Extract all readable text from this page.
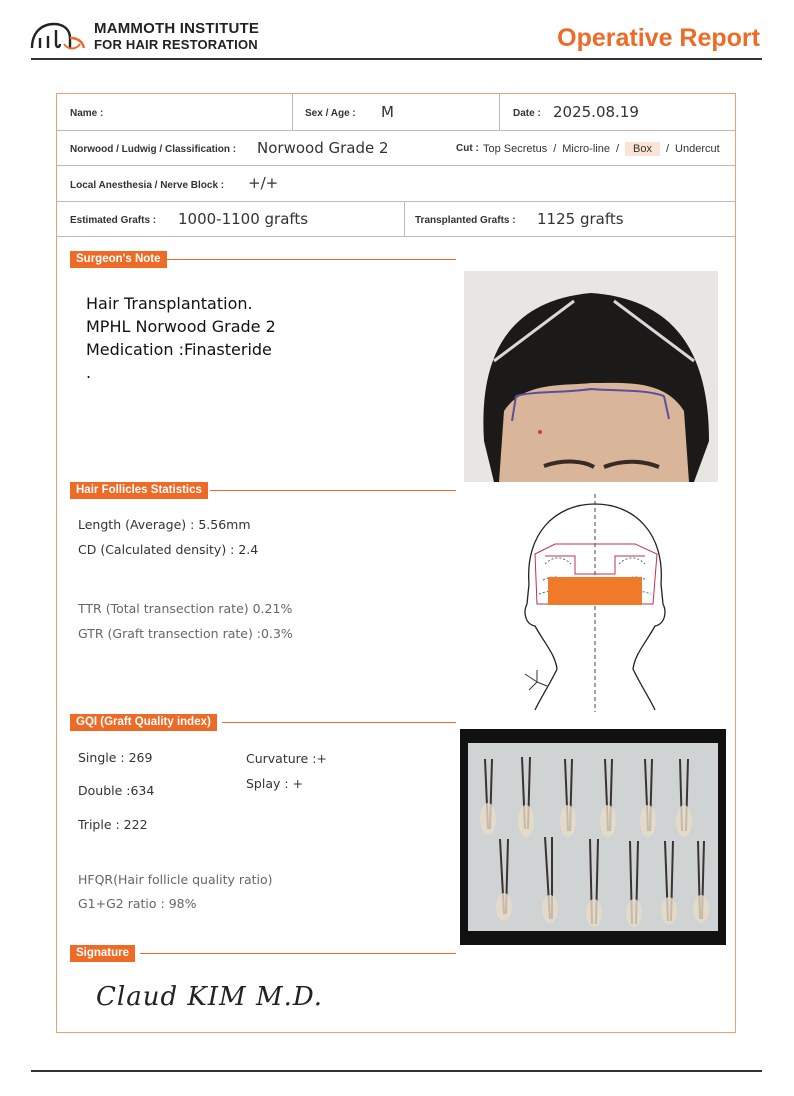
MAMMOTH INSTITUTE
FOR HAIR RESTORATION	Operative Report
Name :	Sex / Age : M	Date : 2025.08.19
Norwood / Ludwig / Classification : Norwood Grade 2	Cut : Top Secretus / Micro-line / Box / Undercut
Local Anesthesia / Nerve Block : +/+
Estimated Grafts : 1000-1100 grafts	Transplanted Grafts : 1125 grafts
Surgeon's Note
Hair Transplantation.
MPHL Norwood Grade 2
Medication :Finasteride
.
Hair Follicles Statistics
Length (Average) : 5.56mm
CD (Calculated density) : 2.4
TTR (Total transection rate) 0.21%
GTR (Graft transection rate) :0.3%
GQI (Graft Quality index)
Single : 269
Double :634
Triple : 222
Curvature :+
Splay : +
HFQR(Hair follicle quality ratio)
G1+G2 ratio : 98%
Signature
Claud KIM M.D.
